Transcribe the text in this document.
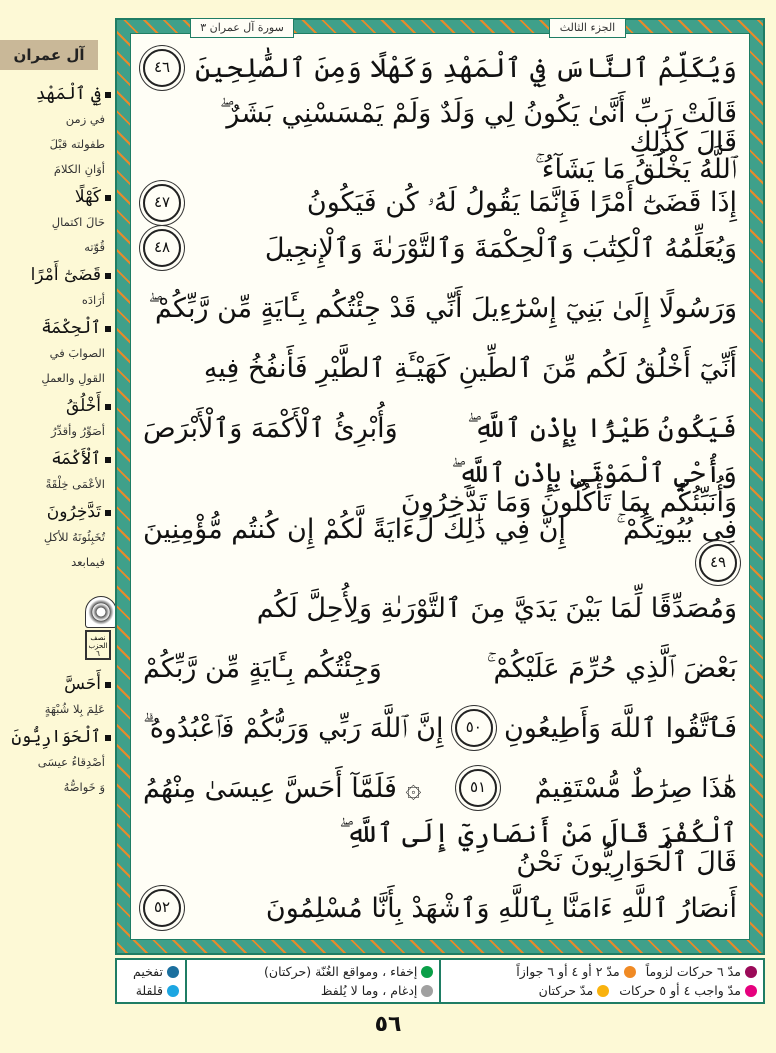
آل عمران
فِي ٱلْمَهْدِ
في زمن
طفولته قبْلَ
أوَانِ الكلامَ
كَهْلًا
حَالَ اكتمالِ
قُوّته
قَضَىٰٓ أَمْرًا
أرَادَه
ٱلْحِكْمَةَ
الصوابَ في
القولِ والعملِ
أَخْلُقُ
أصَوِّرُ وأقدِّرُ
ٱلْأَكْمَهَ
الأعْمَى خِلْقَةً
تَدَّخِرُونَ
تُخَبِئُونَهُ للأكلِ
فيمابعد
نصف الحزب ٦
أَحَسَّ
عَلِمَ بِلا شُبْهَةٍ
ٱلْحَوَارِيُّونَ
أصْدِقاءُ عيسَى
وَ خَواصُّهُ
سورة آل عمران ٣	الجزء الثالث
وَيُكَلِّمُ ٱلنَّاسَ فِي ٱلْمَهْدِ وَكَهْلًا وَمِنَ ٱلصَّٰلِحِينَ
٤٦
قَالَتْ رَبِّ أَنَّىٰ يَكُونُ لِي وَلَدٌ وَلَمْ يَمْسَسْنِي بَشَرٌ ۖ
قَالَ كَذَٰلِكِ
ٱللَّهُ يَخْلُقُ مَا يَشَآءُ ۚ
إِذَا قَضَىٰٓ أَمْرًا فَإِنَّمَا يَقُولُ لَهُۥ كُن فَيَكُونُ
٤٧
وَيُعَلِّمُهُ ٱلْكِتَٰبَ وَٱلْحِكْمَةَ وَٱلتَّوْرَىٰةَ وَٱلْإِنجِيلَ
٤٨
وَرَسُولًا إِلَىٰ بَنِيٓ إِسْرَٰٓءِيلَ أَنِّي قَدْ جِئْتُكُم بِـَٔايَةٍ مِّن رَّبِّكُمْ ۖ
أَنِّيٓ أَخْلُقُ لَكُم مِّنَ ٱلطِّينِ كَهَيْـَٔةِ ٱلطَّيْرِ فَأَنفُخُ فِيهِ
فَيَكُونُ طَيْرًۢا بِإِذْنِ ٱللَّهِ ۖ
وَأُبْرِئُ ٱلْأَكْمَهَ وَٱلْأَبْرَصَ
وَأُحْيِ ٱلْمَوْتَىٰ بِإِذْنِ ٱللَّهِ ۖ
وَأُنَبِّئُكُم بِمَا تَأْكُلُونَ وَمَا تَدَّخِرُونَ
فِي بُيُوتِكُمْ ۚ
إِنَّ فِي ذَٰلِكَ لَءَايَةً لَّكُمْ إِن كُنتُم مُّؤْمِنِينَ
٤٩
وَمُصَدِّقًا لِّمَا بَيْنَ يَدَيَّ مِنَ ٱلتَّوْرَىٰةِ وَلِأُحِلَّ لَكُم
بَعْضَ ٱلَّذِي حُرِّمَ عَلَيْكُمْ ۚ
وَجِئْتُكُم بِـَٔايَةٍ مِّن رَّبِّكُمْ
فَٱتَّقُوا ٱللَّهَ وَأَطِيعُونِ
٥٠
إِنَّ ٱللَّهَ رَبِّي وَرَبُّكُمْ فَٱعْبُدُوهُ ۗ
هَٰذَا صِرَٰطٌ مُّسْتَقِيمٌ
٥١
۞ فَلَمَّآ أَحَسَّ عِيسَىٰ مِنْهُمُ
ٱلْكُفْرَ قَالَ مَنْ أَنصَارِيٓ إِلَى ٱللَّهِ ۖ
قَالَ ٱلْحَوَارِيُّونَ نَحْنُ
أَنصَارُ ٱللَّهِ ءَامَنَّا بِٱللَّهِ وَٱشْهَدْ بِأَنَّا مُسْلِمُونَ
٥٢
مدّ ٦ حركات لزوماً
مدّ ٢ أو ٤ أو ٦ جوازاً
مدّ واجب ٤ أو ٥ حركات
مدّ حركتان
إخفاء ، ومواقع الغُنّة (حركتان)
إدغام ، وما لا يُلفظ
تفخيم
قلقلة
٥٦
